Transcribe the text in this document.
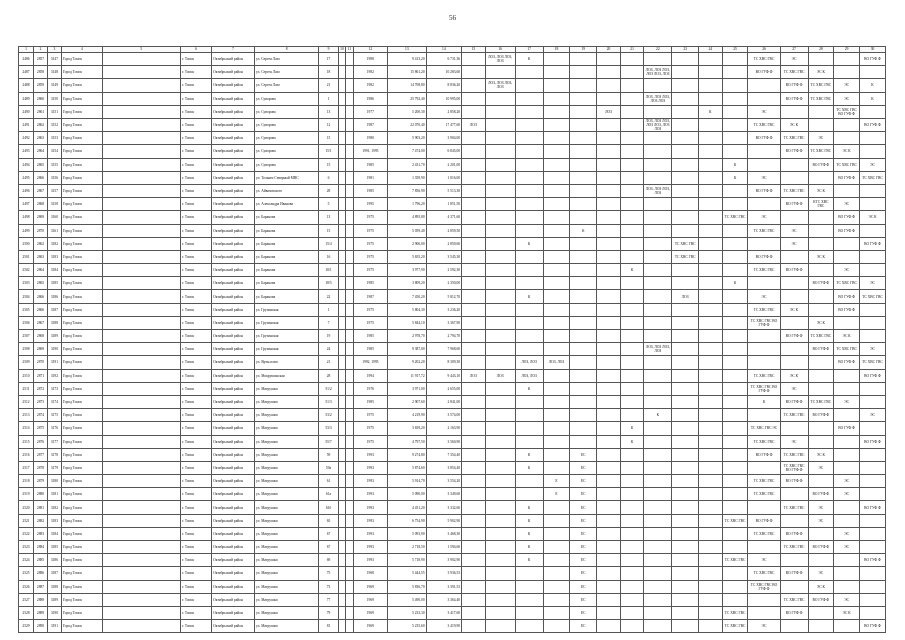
56
1	2	3	4	5	6	7	8	9	10	11	12	13	14	15	16	17	18	19	20	21	22	23	24	25	26	27	28	29	30
2486	2857	3147	Город Томск		г. Томск	Октябрьский район	ул. Сергея Лазо	17			1988	9 413,20	6 731,36		ЛОЗ, ЛОЗ ЛОЗ, ЛОЗ	К									ТС ХВС ГВС	ЭС			ВО ГУФ Ф
2487	2858	3148	Город Томск		г. Томск	Октябрьский район	ул. Сергея Лазо	18			1982	15 861,20	10 283,60								ЛОЗ, ЛОЗ ЛОЗ, ЛОЗ ЛОЗ, ЛОЗ				ВО ГУФ Ф	ТС ХВС ГВС	ЭС К		
2488	2859	3149	Город Томск		г. Томск	Октябрьский район	ул. Сергея Лазо	21			1982	14 708,80	8 836,20		ЛОЗ, ЛОЗ ЛОЗ, ЛОЗ											ВО ГУФ Ф	ТС ХВС ГВС	ЭС	К
2489	2860	3150	Город Томск		г. Томск	Октябрьский район	ул. Суворова	1			1986	25 792,40	10 995,00								ЛОЗ, ЛОЗ ЛОЗ, ЛОЗ ЛОЗ					ВО ГУФ Ф	ТС ХВС ГВС	ЭС	К
2490	2861	3151	Город Томск		г. Томск	Октябрьский район	ул. Суворова	13			1977	5 200,30	2 858,20						ЛОЗ				К		ЭС			ТС ХВС ГВС ВО ГУФ Ф	
2491	2862	3152	Город Томск		г. Томск	Октябрьский район	ул. Суворова	12			1987	22 070,40	17 477,60	ЛОЗ							ЛОЗ, ЛОЗ ЛОЗ, ЛОЗ ЛОЗ, ЛОЗ ЛОЗ				ТС ХВС ГВС	ЭС К			ВО ГУФ Ф
2492	2863	3153	Город Томск		г. Томск	Октябрьский район	ул. Суворова	15			1980	5 903,20	3 904,00												ВО ГУФ Ф	ТС ХВС ГВС	ЭС		
2493	2864	3154	Город Томск		г. Томск	Октябрьский район	ул. Суворова	15/1			1991, 1995	7 474,00	6 845,00													ВО ГУФ Ф	ТС ХВС ГВС	ЭС К	
2494	2865	3155	Город Томск		г. Томск	Октябрьский район	ул. Суворова	15			1985	2 431,70	2 201,00											К			ВО ГУФ Ф	ТС ХВС ГВС	ЭС
2495	2866	3156	Город Томск		г. Томск	Октябрьский район	ул. Тольяти Северный МВС	6			1981	1 359,90	1 016,00											К	ЭС			ВО ГУФ Ф	ТС ХВС ГВС
2496	2867	3157	Город Томск		г. Томск	Октябрьский район	ул. Айвазовского	28			1985	7 856,90	5 513,30								ЛОЗ, ЛОЗ ЛОЗ, ЛОЗ				ВО ГУФ Ф	ТС ХВС ГВС	ЭС К		
2497	2868	3158	Город Томск		г. Томск	Октябрьский район	ул. Александра Иванова	5			1995	1 796,20	1 851,50													ВО ГУФ Ф	КТС ХВС ГВС	ЭС	
2498	2869	3160	Город Томск		г. Томск	Октябрьский район	ул. Баранова	13			1975	4 895,80	4 371,60											ТС ХВС ГВС	ЭС			ВО ГУФ Ф	ЭС К
2499	2870	3161	Город Томск		г. Томск	Октябрьский район	ул. Баранова	15			1975	5 059,40	2 859,50					К							ТС ХВС ГВС	ЭС		ВО ГУФ Ф	
2500	2862	3182	Город Томск		г. Томск	Октябрьский район	ул. Баранова	15/4			1975	2 906,00	2 859,60			К						ТС ХВС ГВС				ЭС			ВО ГУФ Ф
2501	2863	3183	Город Томск		г. Томск	Октябрьский район	ул. Баранова	16			1975	5 655,20	3 545,30									ТС ХВС ГВС			ВО ГУФ Ф		ЭС К		
2502	2864	3184	Город Томск		г. Томск	Октябрьский район	ул. Баранова	18/1			1975	3 977,90	2 592,30							К					ТС ХВС ГВС	ВО ГУФ Ф		ЭС	
2503	2865	3185	Город Томск		г. Томск	Октябрьский район	ул. Баранова	18/5			1985	3 809,20	2 350,00											К			ВО ГУФ Ф	ТС ХВС ГВС	ЭС
2504	2866	3186	Город Томск		г. Томск	Октябрьский район	ул. Баранова	22			1987	7 450,20	5 812,70			К						ЛОЗ			ЭС			ВО ГУФ Ф	ТС ХВС ГВС
2505	2866	3187	Город Томск		г. Томск	Октябрьский район	ул. Грузинская	1			1975	5 804,30	3 236,20												ТС ХВС ГВС	ЭС К		ВО ГУФ Ф	
2506	2867	3188	Город Томск		г. Томск	Октябрьский район	ул. Грузинская	7			1975	5 844,10	3 367,90												ТС ХВС ГВС ВО ГУФ Ф		ЭС К		
2507	2868	3189	Город Томск		г. Томск	Октябрьский район	ул. Грузинская	19			1985	2 978,70	2 794,70													ВО ГУФ Ф	ТС ХВС ГВС	ЭС К	
2508	2869	3190	Город Томск		г. Томск	Октябрьский район	ул. Грузинская	24			1985	9 387,00	7 968,60								ЛОЗ, ЛОЗ ЛОЗ, ЛОЗ						ВО ГУФ Ф	ТС ХВС ГВС	ЭС
2509	2870	3191	Город Томск		г. Томск	Октябрьский район	ул. Ярты плюс	21			1992, 1995	9 202,20	8 309,30			ЛОЗ, ЛОЗ	ЛОЗ, ЛОЗ											ВО ГУФ Ф	ТС ХВС ГВС
2510	2871	3192	Город Томск		г. Томск	Октябрьский район	ул. Мокрушинская	28			1994	11 917,72	9 443,10	ЛОЗ	ЛОЗ	ЛОЗ, ЛОЗ									ТС ХВС ГВС	ЭС К			ВО ГУФ Ф
2511	2872	3173	Город Томск		г. Томск	Октябрьский район	ул. Матрушки	51/2			1976	3 971,00	2 655,00			К									ТС ХВС ГВС ВО ГУФ Ф	ЭС			
2512	2873	3174	Город Томск		г. Томск	Октябрьский район	ул. Матрушки	51/3			1985	2 907,60	2 841,00												К	ВО ГУФ Ф	ТС ХВС ГВС	ЭС	
2513	2874	3175	Город Томск		г. Томск	Октябрьский район	ул. Матрушки	53/2			1975	4 219,90	3 574,00								К					ТС ХВС ГВС	ВО ГУФ Ф		ЭС
2514	2875	3176	Город Томск		г. Томск	Октябрьский район	ул. Матрушки	53/3			1975	3 659,20	2 163,90							К					ТС ХВС ГВС ЭС			ВО ГУФ Ф	
2515	2876	3177	Город Томск		г. Томск	Октябрьский район	ул. Матрушки	55/7			1975	4 797,50	3 560,90							К					ТС ХВС ГВС	ЭС			ВО ГУФ Ф
2516	2877	3178	Город Томск		г. Томск	Октябрьский район	ул. Матрушки	59			1993	9 274,80	7 354,40			К		ЕС							ВО ГУФ Ф	ТС ХВС ГВС	ЭС К		
2517	2878	3179	Город Томск		г. Томск	Октябрьский район	ул. Матрушки	59а			1993	5 874,60	3 854,40			К		ЕС								ТС ХВС ГВС ВО ГУФ Ф	ЭС		
2518	2879	3180	Город Томск		г. Томск	Октябрьский район	ул. Матрушки	61			1993	5 914,70	3 554,20				Е	ЕС							ТС ХВС ГВС	ВО ГУФ Ф		ЭС	
2519	2880	3181	Город Томск		г. Томск	Октябрьский район	ул. Матрушки	61а			1993	5 090,00	3 349,60				Е	ЕС							ТС ХВС ГВС		ВО ГУФ Ф	ЭС	
2520	2881	3182	Город Томск		г. Томск	Октябрьский район	ул. Матрушки	61б			1993	4 451,20	3 332,60			К		ЕС								ТС ХВС ГВС	ЭС		ВО ГУФ Ф
2521	2882	3183	Город Томск		г. Томск	Октябрьский район	ул. Матрушки	65			1993	6 754,90	5 902,90			К		ЕС						ТС ХВС ГВС	ВО ГУФ Ф		ЭС		
2522	2883	3184	Город Томск		г. Томск	Октябрьский район	ул. Матрушки	67			1993	5 093,90	3 468,30			К		ЕС							ТС ХВС ГВС	ВО ГУФ Ф		ЭС	
2523	2884	3185	Город Томск		г. Томск	Октябрьский район	ул. Матрушки	67			1993	2 718,50	1 594,60			К		ЕС								ТС ХВС ГВС	ВО ГУФ Ф	ЭС	
2524	2885	3186	Город Томск		г. Томск	Октябрьский район	ул. Матрушки	69			1993	5 718,90	3 902,90			К		ЕС						ТС ХВС ГВС	ЭС				ВО ГУФ Ф
2525	2886	3187	Город Томск		г. Томск	Октябрьский район	ул. Матрушки	75			1968	5 444,55	3 936,53					ЕС							ТС ХВС ГВС	ВО ГУФ Ф	ЭС		
2526	2887	3188	Город Томск		г. Томск	Октябрьский район	ул. Матрушки	73			1969	5 836,70	3 391,53					ЕС							ТС ХВС ГВС ВО ГУФ Ф		ЭС К		
2527	2888	3189	Город Томск		г. Томск	Октябрьский район	ул. Матрушки	77			1969	5 490,00	3 364,40					ЕС								ТС ХВС ГВС	ВО ГУФ Ф	ЭС	
2528	2889	3190	Город Томск		г. Томск	Октябрьский район	ул. Матрушки	79			1969	5 233,30	3 417,60					ЕС						ТС ХВС ГВС		ВО ГУФ Ф		ЭС К	
2529	2890	3191	Город Томск		г. Томск	Октябрьский район	ул. Матрушки	81			1969	5 235,60	3 419,90					ЕС						ТС ХВС ГВС	ЭС				ВО ГУФ Ф
